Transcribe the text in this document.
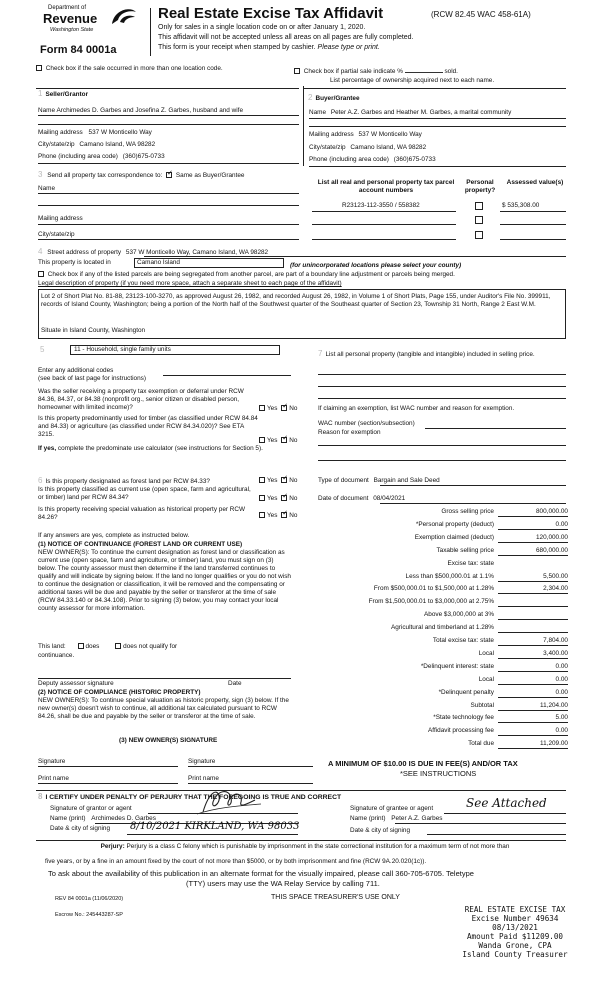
Department of
Revenue
Washington State
Form 84 0001a
Real Estate Excise Tax Affidavit	(RCW 82.45 WAC 458-61A)
Only for sales in a single location code on or after January 1, 2020.
This affidavit will not be accepted unless all areas on all pages are fully completed.
This form is your receipt when stamped by cashier. Please type or print.
Check box if the sale occurred in more than one location code.	Check box if partial sale indicate %	sold.
List percentage of ownership acquired next to each name.
1 Seller/Grantor
Name Archimedes D. Garbes and Josefina Z. Garbes, husband and wife
Mailing address 537 W Monticello Way
City/state/zip Camano Island, WA 98282
Phone (including area code) (360)675-0733
2 Buyer/Grantee
Name Peter A.Z. Garbes and Heather M. Garbes, a marital community
Mailing address 537 W Monticello Way
City/state/zip Camano Island, WA 98282
Phone (including area code) (360)675-0733
3 Send all property tax correspondence to: ✓ Same as Buyer/Grantee
Name
Mailing address
City/state/zip
List all real and personal property tax parcel account numbers
Personal property?
Assessed value(s)
R23123-112-3550 / 558382	$ 535,308.00
4 Street address of property 537 W Monticello Way, Camano Island, WA 98282
This property is located in	Camano Island	(for unincorporated locations please select your county)
Check box if any of the listed parcels are being segregated from another parcel, are part of a boundary line adjustment or parcels being merged.
Legal description of property (if you need more space, attach a separate sheet to each page of the affidavit)
Lot 2 of Short Plat No. 81-88, 23123-100-3270, as approved August 26, 1982, and recorded August 26, 1982, in Volume 1 of Short Plats, Page 155, under Auditor's File No. 399911, records of Island County, Washington; being a portion of the North half of the Southwest quarter of the Southeast quarter of Section 23, Township 31 North, Range 2 East W.M.
Situate in Island County, Washington
5	11 - Household, single family units
Enter any additional codes
(see back of last page for instructions)
Was the seller receiving a property tax exemption or deferral under RCW 84.36, 84.37, or 84.38 (nonprofit org., senior citizen or disabled person, homeowner with limited income)?	Yes ✓ No
Is this property predominantly used for timber (as classified under RCW 84.84 and 84.33) or agriculture (as classified under RCW 84.34.020)? See ETA 3215.
Yes ✓ No
If yes, complete the predominate use calculator (see instructions for Section 5).
6 Is this property designated as forest land per RCW 84.33?	Yes ✓ No
Is this property classified as current use (open space, farm and agricultural, or timber) land per RCW 84.34?	Yes ✓ No
Is this property receiving special valuation as historical property per RCW 84.26?	Yes ✓ No
If any answers are yes, complete as instructed below.
(1) NOTICE OF CONTINUANCE (FOREST LAND OR CURRENT USE)
NEW OWNER(S): To continue the current designation as forest land or classification as current use (open space, farm and agriculture, or timber) land, you must sign on (3) below. The county assessor must then determine if the land transferred continues to qualify and will indicate by signing below. If the land no longer qualifies or you do not wish to continue the designation or classification, it will be removed and the compensating or additional taxes will be due and payable by the seller or transferor at the time of sale (RCW 84.33.140 or 84.34.108). Prior to signing (3) below, you may contact your local county assessor for more information.
This land:	does	does not qualify for
continuance.
Deputy assessor signature	Date
(2) NOTICE OF COMPLIANCE (HISTORIC PROPERTY)
NEW OWNER(S): To continue special valuation as historic property, sign (3) below. If the new owner(s) doesn't wish to continue, all additional tax calculated pursuant to RCW 84.26, shall be due and payable by the seller or transferor at the time of sale.
(3) NEW OWNER(S) SIGNATURE
Signature	Signature
Print name	Print name
7 List all personal property (tangible and intangible) included in selling price.
If claiming an exemption, list WAC number and reason for exemption.
WAC number (section/subsection)
Reason for exemption
Type of document Bargain and Sale Deed
Date of document 08/04/2021
Gross selling price	800,000.00
*Personal property (deduct)	0.00
Exemption claimed (deduct)	120,000.00
Taxable selling price	680,000.00
Excise tax: state
Less than $500,000.01 at 1.1%	5,500.00
From $500,000.01 to $1,500,000 at 1.28%	2,304.00
From $1,500,000.01 to $3,000,000 at 2.75%
Above $3,000,000 at 3%
Agricultural and timberland at 1.28%
Total excise tax: state	7,804.00
Local	3,400.00
*Delinquent interest: state	0.00
Local	0.00
*Delinquent penalty	0.00
Subtotal	11,204.00
*State technology fee	5.00
Affidavit processing fee	0.00
Total due	11,209.00
A MINIMUM OF $10.00 IS DUE IN FEE(S) AND/OR TAX
*SEE INSTRUCTIONS
8 I CERTIFY UNDER PENALTY OF PERJURY THAT THE FOREGOING IS TRUE AND CORRECT
Signature of grantor or agent
Name (print) Archimedes D. Garbes
Date & city of signing 8/10/2021 KIRKLAND, WA 98033
Signature of grantee or agent	See Attached
Name (print) Peter A.Z. Garbes
Date & city of signing
Perjury: Perjury is a class C felony which is punishable by imprisonment in the state correctional institution for a maximum term of not more than
five years, or by a fine in an amount fixed by the court of not more than $5000, or by both imprisonment and fine (RCW 9A.20.020(1c)).
To ask about the availability of this publication in an alternate format for the visually impaired, please call 360-705-6705. Teletype
(TTY) users may use the WA Relay Service by calling 711.
REV 84 0001a (11/06/2020)	THIS SPACE TREASURER'S USE ONLY
Escrow No.: 245443287-SP
REAL ESTATE EXCISE TAX
Excise Number 49634
08/13/2021
Amount Paid $11209.00
Wanda Grone, CPA
Island County Treasurer
